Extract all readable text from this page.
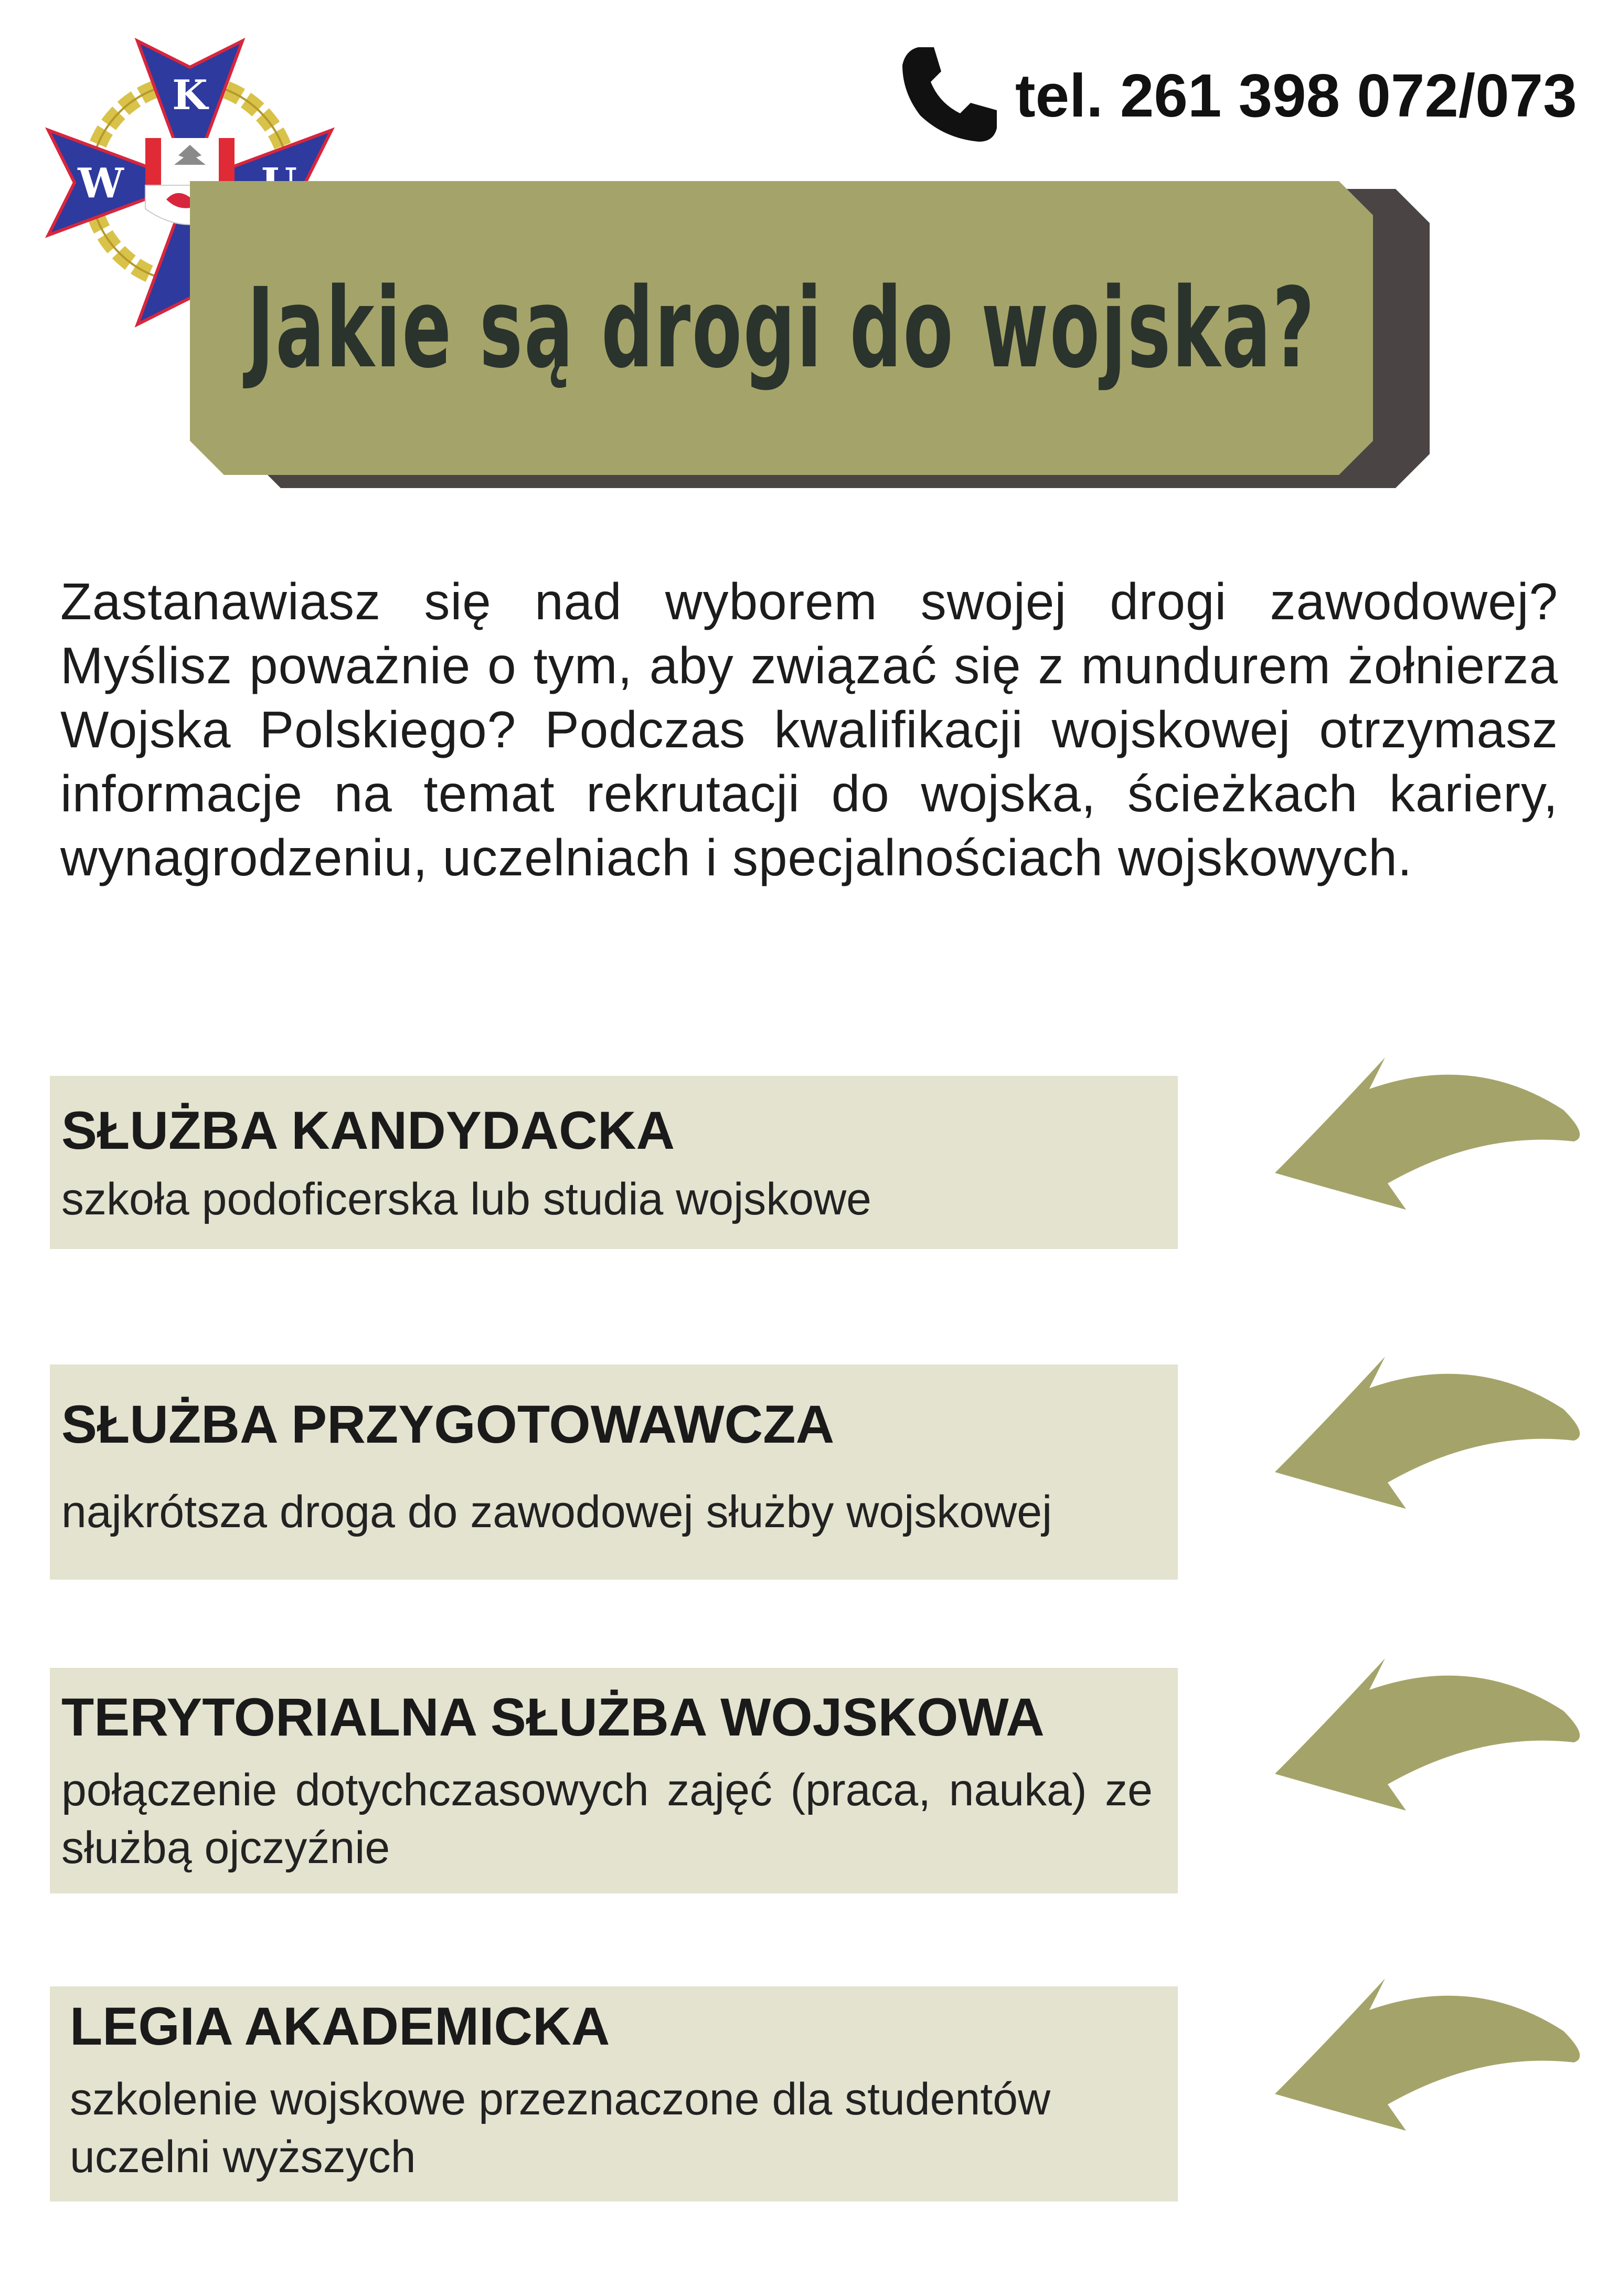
K
W
tel. 261 398 072/073
Jakie są drogi do wojska?
Zastanawiasz się nad wyborem swojej drogi zawodowej? Myślisz poważnie o tym, aby związać się z mundurem żołnierza Wojska Polskiego? Podczas kwalifikacji wojskowej otrzymasz informacje na temat rekrutacji do wojska, ścieżkach kariery, wynagrodzeniu, uczelniach i specjalnościach wojskowych.
SŁUŻBA KANDYDACKA
szkoła podoficerska lub studia wojskowe
SŁUŻBA PRZYGOTOWAWCZA
najkrótsza droga do zawodowej służby wojskowej
TERYTORIALNA SŁUŻBA WOJSKOWA
połączenie dotychczasowych zajęć (praca, nauka) ze służbą ojczyźnie
LEGIA AKADEMICKA
szkolenie wojskowe przeznaczone dla studentów uczelni wyższych
